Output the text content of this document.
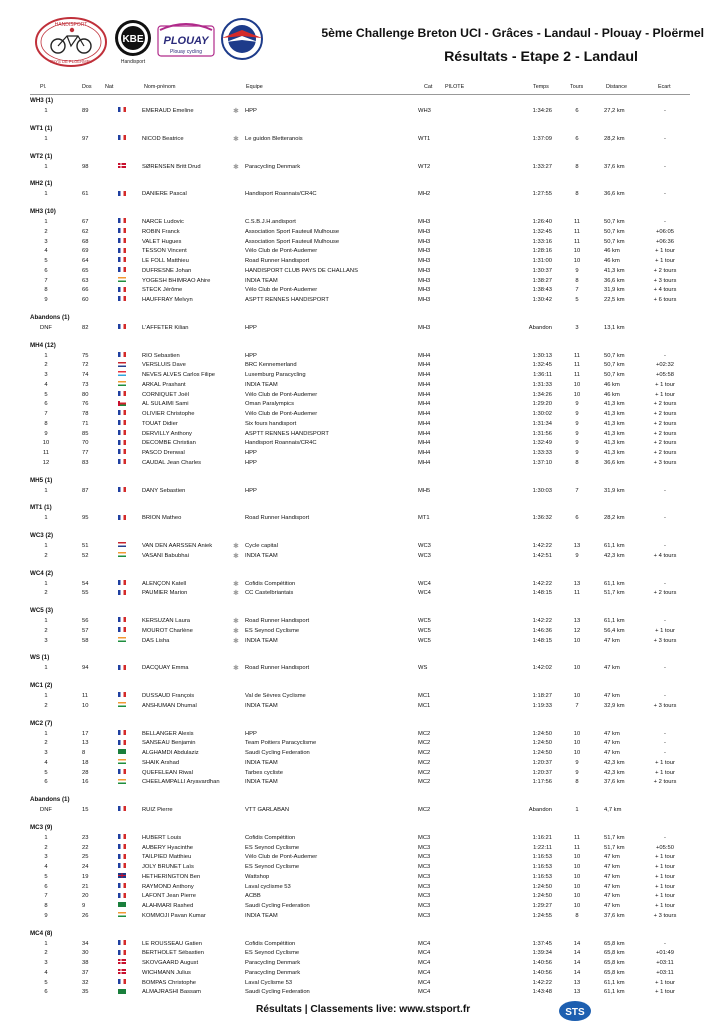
HANDISPORT
PAYS DE PLOËRMEL
KBE
Handisport
PLOUAY
Plouay cycling
5ème Challenge Breton UCI - Grâces - Landaul - Plouay - Ploërmel
Résultats - Etape 2 - Landaul
Pl.	Dos Nat	Nom-prénom	Equipe	Cat PILOTE	Temps	Tours	Distance	Ecart
WH3 (1)
1	89	EMERAUD Emeline	✱ HPP	WH3	1:34:26	6	27,2 km	-
WT1 (1)
1	97	NICOD Beatrice	✱ Le guidon Bletteranois	WT1	1:37:09	6	28,2 km	-
WT2 (1)
1	98	SØRENSEN Britt Drud	✱ Paracycling Denmark	WT2	1:33:27	8	37,6 km	-
MH2 (1)
1	61	DANIERE Pascal	Handisport Roannais/CR4C	MH2	1:27:55	8	36,6 km	-
MH3 (10)
1	67	NARCE Ludovic	C.S.B.J.H.andisport	MH3	1:26:40	11	50,7 km	-
2	62	ROBIN Franck	Association Sport Fauteuil Mulhouse	MH3	1:32:45	11	50,7 km	+06:05
3	68	VALET Hugues	Association Sport Fauteuil Mulhouse	MH3	1:33:16	11	50,7 km	+06:36
4	69	TESSON Vincent	Vélo Club de Pont-Audemer	MH3	1:28:16	10	46 km	+ 1 tour
5	64	LE FOLL Matthieu	Road Runner Handisport	MH3	1:31:00	10	46 km	+ 1 tour
6	65	DUFRESNE Johan	HANDISPORT CLUB PAYS DE CHALLANS	MH3	1:30:37	9	41,3 km	+ 2 tours
7	63	YOGESH BHIMRAO Ahire	INDIA TEAM	MH3	1:38:27	8	36,6 km	+ 3 tours
8	66	STECK Jérôme	Vélo Club de Pont-Audemer	MH3	1:38:43	7	31,9 km	+ 4 tours
9	60	HAUFFRAY Melvyn	ASPTT RENNES HANDISPORT	MH3	1:30:42	5	22,5 km	+ 6 tours
Abandons (1)
DNF	82	L'AFFETER Kilian	HPP	MH3	Abandon	3	13,1 km
MH4 (12)
1	75	RIO Sebastien	HPP	MH4	1:30:13	11	50,7 km	-
2	72	VERSLUIS Dave	BRC Kennemerland	MH4	1:32:45	11	50,7 km	+02:32
3	74	NEVES ALVES Carlos Filipe	Luxemburg Paracycling	MH4	1:36:11	11	50,7 km	+05:58
4	73	ARKAL Prashant	INDIA TEAM	MH4	1:31:33	10	46 km	+ 1 tour
5	80	CORNIQUET Joël	Vélo Club de Pont-Audemer	MH4	1:34:26	10	46 km	+ 1 tour
6	76	AL SULAIMI Sami	Oman Paralympics	MH4	1:29:20	9	41,3 km	+ 2 tours
7	78	OLIVIER Christophe	Vélo Club de Pont-Audemer	MH4	1:30:02	9	41,3 km	+ 2 tours
8	71	TOUAT Didier	Six fours handisport	MH4	1:31:34	9	41,3 km	+ 2 tours
9	85	DERVILLY Anthony	ASPTT RENNES HANDISPORT	MH4	1:31:56	9	41,3 km	+ 2 tours
10	70	DECOMBE Christian	Handisport Roannais/CR4C	MH4	1:32:49	9	41,3 km	+ 2 tours
11	77	PASCO Drenwal	HPP	MH4	1:33:33	9	41,3 km	+ 2 tours
12	83	CAUDAL Jean Charles	HPP	MH4	1:37:10	8	36,6 km	+ 3 tours
MH5 (1)
1	87	DANY Sebastien	HPP	MH5	1:30:03	7	31,9 km	-
MT1 (1)
1	95	BRION Matheo	Road Runner Handisport	MT1	1:36:32	6	28,2 km	-
WC3 (2)
1	51	VAN DEN AARSSEN Aniek	✱ Cycle capital	WC3	1:42:22	13	61,1 km	-
2	52	VASANI Babubhai	✱ INDIA TEAM	WC3	1:42:51	9	42,3 km	+ 4 tours
WC4 (2)
1	54	ALENÇON Katell	✱ Cofidis Compétition	WC4	1:42:22	13	61,1 km	-
2	55	PAUMIER Marion	✱ CC Castelbriantais	WC4	1:48:15	11	51,7 km	+ 2 tours
WC5 (3)
1	56	KERSUZAN Laura	✱ Road Runner Handisport	WC5	1:42:22	13	61,1 km	-
2	57	MOUROT Charlène	✱ ES Seynod Cyclisme	WC5	1:46:36	12	56,4 km	+ 1 tour
3	58	DAS Lisha	✱ INDIA TEAM	WC5	1:48:15	10	47 km	+ 3 tours
WS (1)
1	94	DACQUAY Emma	✱ Road Runner Handisport	WS	1:42:02	10	47 km	-
MC1 (2)
1	11	DUSSAUD François	Val de Sèvres Cyclisme	MC1	1:18:27	10	47 km	-
2	10	ANSHUMAN Dhumal	INDIA TEAM	MC1	1:19:33	7	32,9 km	+ 3 tours
MC2 (7)
1	17	BELLANGER Alexis	HPP	MC2	1:24:50	10	47 km	-
2	13	SANSEAU Benjamin	Team Poitiers Paracyclisme	MC2	1:24:50	10	47 km	-
3	8	ALGHAMDI Abdulaziz	Saudi Cycling Federation	MC2	1:24:50	10	47 km	-
4	18	SHAIK Arshad	INDIA TEAM	MC2	1:20:37	9	42,3 km	+ 1 tour
5	28	QUEFELEAN Riwal	Tarbes cycliste	MC2	1:20:37	9	42,3 km	+ 1 tour
6	16	CHEELAMPALLI Aryavardhan	INDIA TEAM	MC2	1:17:56	8	37,6 km	+ 2 tours
Abandons (1)
DNF	15	RUIZ Pierre	VTT GARLABAN	MC2	Abandon	1	4,7 km
MC3 (9)
1	23	HUBERT Louis	Cofidis Compétition	MC3	1:16:21	11	51,7 km	-
2	22	AUBERY Hyacinthe	ES Seynod Cyclisme	MC3	1:22:11	11	51,7 km	+05:50
3	25	TAILPIED Matthieu	Vélo Club de Pont-Audemer	MC3	1:16:53	10	47 km	+ 1 tour
4	24	JOLY BRUNET Laïs	ES Seynod Cyclisme	MC3	1:16:53	10	47 km	+ 1 tour
5	19	HETHERINGTON Ben	Wattshop	MC3	1:16:53	10	47 km	+ 1 tour
6	21	RAYMOND Anthony	Laval cyclisme 53	MC3	1:24:50	10	47 km	+ 1 tour
7	20	LAFONT Jean Pierre	ACBB	MC3	1:24:50	10	47 km	+ 1 tour
8	9	ALAHMARI Rashed	Saudi Cycling Federation	MC3	1:29:27	10	47 km	+ 1 tour
9	26	KOMMOJI Pavan Kumar	INDIA TEAM	MC3	1:24:55	8	37,6 km	+ 3 tours
MC4 (8)
1	34	LE ROUSSEAU Gatien	Cofidis Compétition	MC4	1:37:45	14	65,8 km	-
2	30	BERTHOLET Sébastien	ES Seynod Cyclisme	MC4	1:39:34	14	65,8 km	+01:49
3	38	SKOVGAARD August	Paracycling Denmark	MC4	1:40:56	14	65,8 km	+03:11
4	37	WICHMANN Julius	Paracycling Denmark	MC4	1:40:56	14	65,8 km	+03:11
5	32	BOMPAS Christophe	Laval Cyclisme 53	MC4	1:42:22	13	61,1 km	+ 1 tour
6	35	ALMAJRASHI Bassam	Saudi Cycling Federation	MC4	1:43:48	13	61,1 km	+ 1 tour
Résultats | Classements live: www.stsport.fr	STS
